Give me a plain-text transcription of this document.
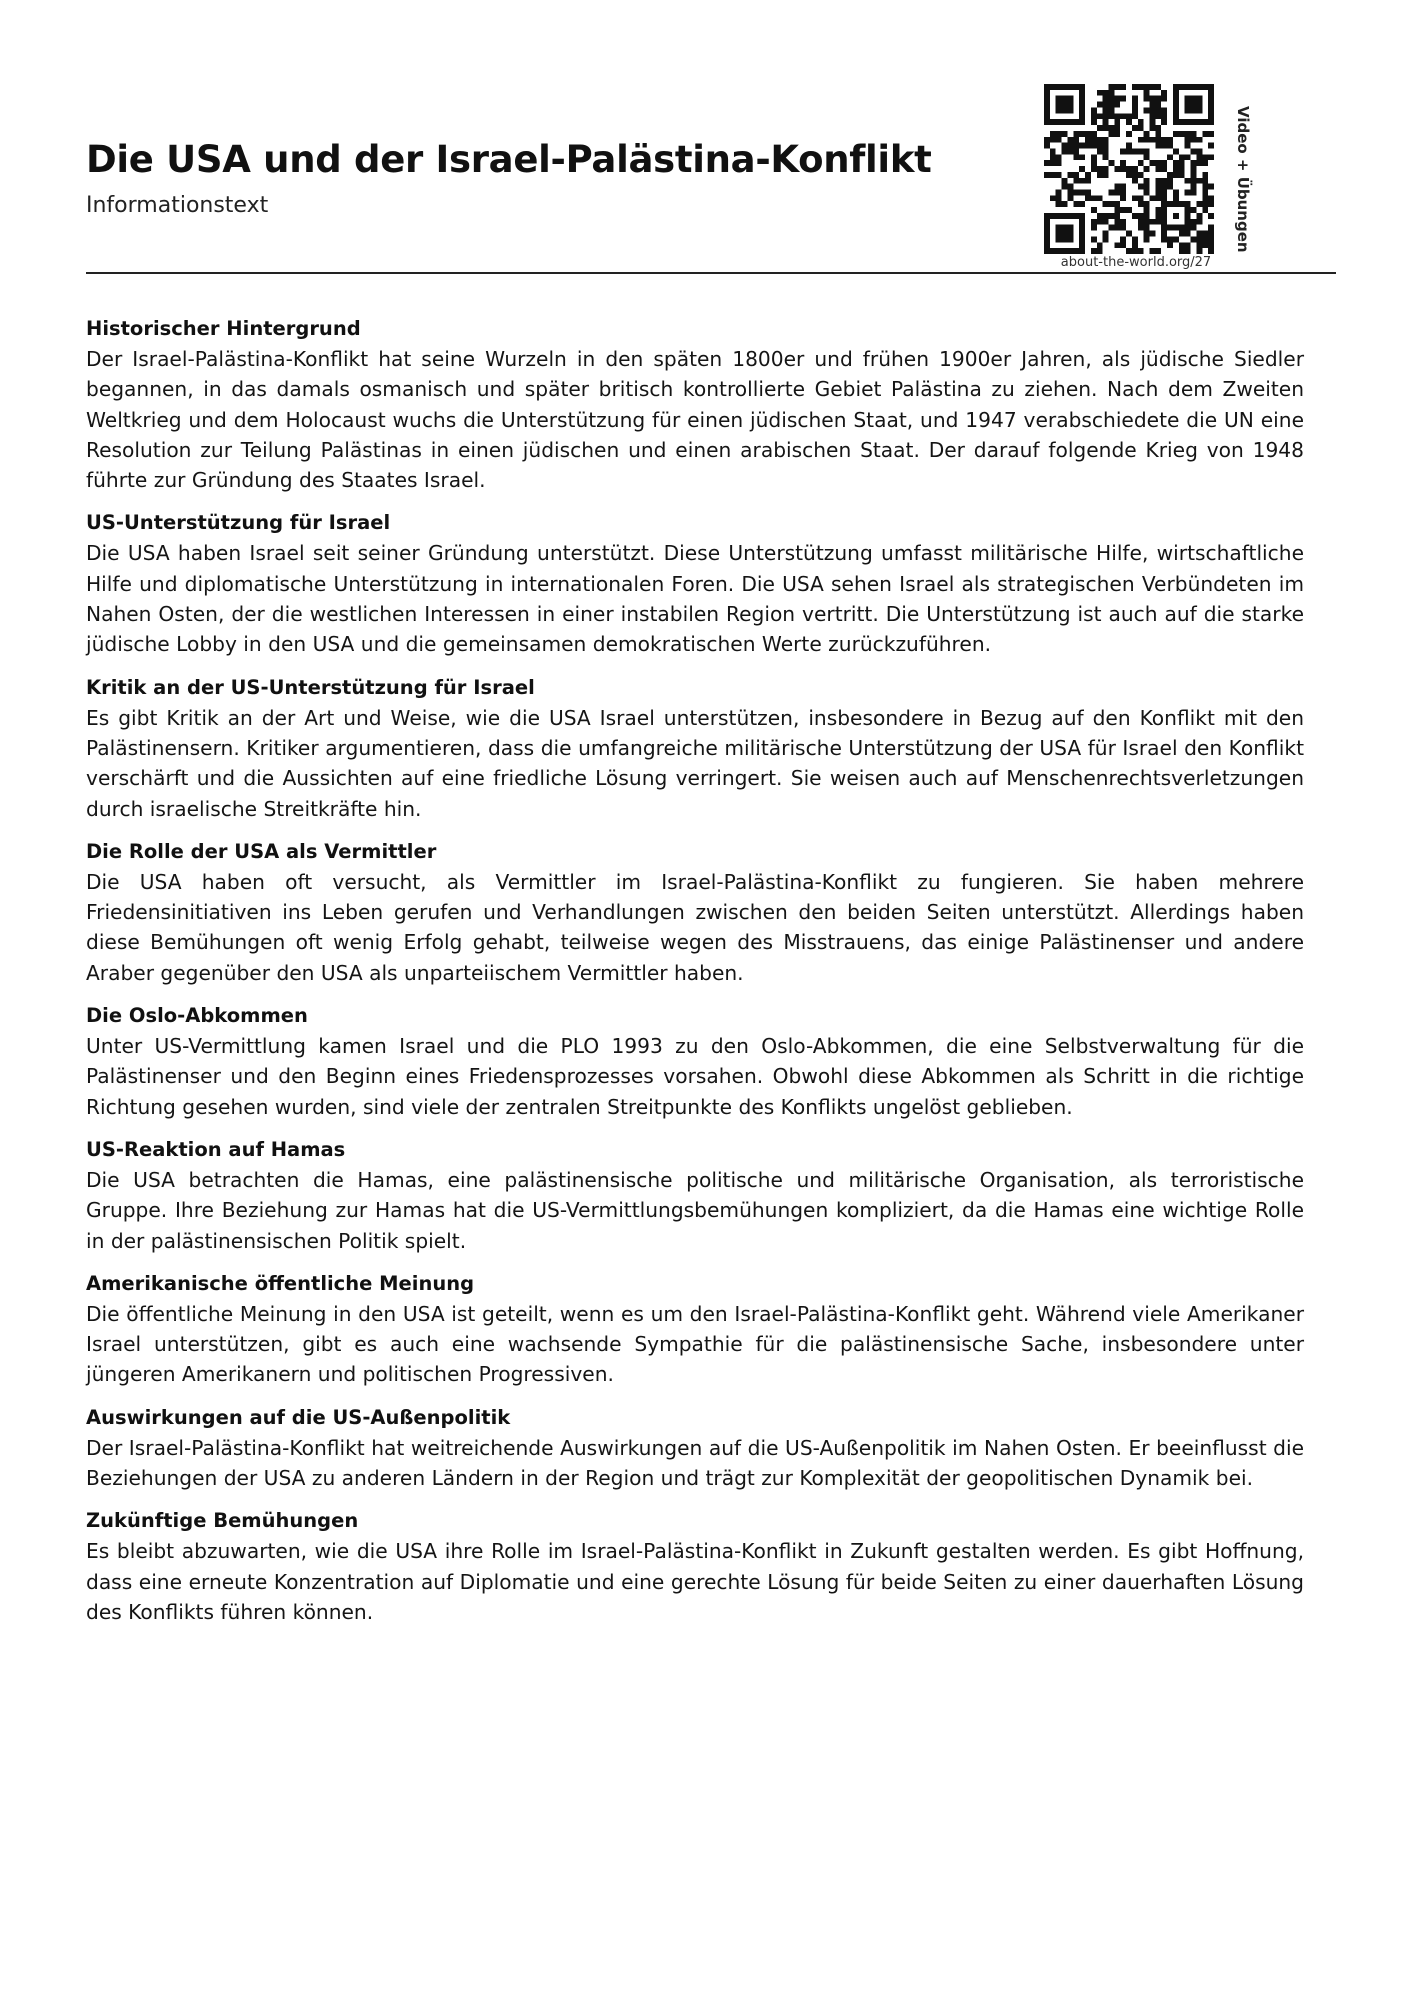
Die USA und der Israel-Palästina-Konflikt
Informationstext
about-the-world.org/27
Video + Übungen
Historischer Hintergrund

Der Israel-Palästina-Konflikt hat seine Wurzeln in den späten 1800er und frühen 1900er Jahren, als jüdische Siedler begannen, in das damals osmanisch und später britisch kontrollierte Gebiet Palästina zu ziehen. Nach dem Zweiten Weltkrieg und dem Holocaust wuchs die Unterstützung für einen jüdischen Staat, und 1947 verabschiedete die UN eine Resolution zur Teilung Palästinas in einen jüdischen und einen arabischen Staat. Der darauf folgende Krieg von 1948 führte zur Gründung des Staates Israel.

US-Unterstützung für Israel

Die USA haben Israel seit seiner Gründung unterstützt. Diese Unterstützung umfasst militärische Hilfe, wirtschaftliche Hilfe und diplomatische Unterstützung in internationalen Foren. Die USA sehen Israel als strategischen Verbündeten im Nahen Osten, der die westlichen Interessen in einer instabilen Region vertritt. Die Unterstützung ist auch auf die starke jüdische Lobby in den USA und die gemeinsamen demokratischen Werte zurückzuführen.

Kritik an der US-Unterstützung für Israel

Es gibt Kritik an der Art und Weise, wie die USA Israel unterstützen, insbesondere in Bezug auf den Konflikt mit den Palästinensern. Kritiker argumentieren, dass die umfangreiche militärische Unterstützung der USA für Israel den Konflikt verschärft und die Aussichten auf eine friedliche Lösung verringert. Sie weisen auch auf Menschenrechtsverletzungen durch israelische Streitkräfte hin.

Die Rolle der USA als Vermittler

Die USA haben oft versucht, als Vermittler im Israel-Palästina-Konflikt zu fungieren. Sie haben mehrere Friedensinitiativen ins Leben gerufen und Verhandlungen zwischen den beiden Seiten unterstützt. Allerdings haben diese Bemühungen oft wenig Erfolg gehabt, teilweise wegen des Misstrauens, das einige Palästinenser und andere Araber gegenüber den USA als unparteiischem Vermittler haben.

Die Oslo-Abkommen

Unter US-Vermittlung kamen Israel und die PLO 1993 zu den Oslo-Abkommen, die eine Selbstverwaltung für die Palästinenser und den Beginn eines Friedensprozesses vorsahen. Obwohl diese Abkommen als Schritt in die richtige Richtung gesehen wurden, sind viele der zentralen Streitpunkte des Konflikts ungelöst geblieben.

US-Reaktion auf Hamas

Die USA betrachten die Hamas, eine palästinensische politische und militärische Organisation, als terroristische Gruppe. Ihre Beziehung zur Hamas hat die US-Vermittlungsbemühungen kompliziert, da die Hamas eine wichtige Rolle in der palästinensischen Politik spielt.

Amerikanische öffentliche Meinung

Die öffentliche Meinung in den USA ist geteilt, wenn es um den Israel-Palästina-Konflikt geht. Während viele Amerikaner Israel unterstützen, gibt es auch eine wachsende Sympathie für die palästinensische Sache, insbesondere unter jüngeren Amerikanern und politischen Progressiven.

Auswirkungen auf die US-Außenpolitik

Der Israel-Palästina-Konflikt hat weitreichende Auswirkungen auf die US-Außenpolitik im Nahen Osten. Er beeinflusst die Beziehungen der USA zu anderen Ländern in der Region und trägt zur Komplexität der geopolitischen Dynamik bei.

Zukünftige Bemühungen

Es bleibt abzuwarten, wie die USA ihre Rolle im Israel-Palästina-Konflikt in Zukunft gestalten werden. Es gibt Hoffnung, dass eine erneute Konzentration auf Diplomatie und eine gerechte Lösung für beide Seiten zu einer dauerhaften Lösung des Konflikts führen können.
